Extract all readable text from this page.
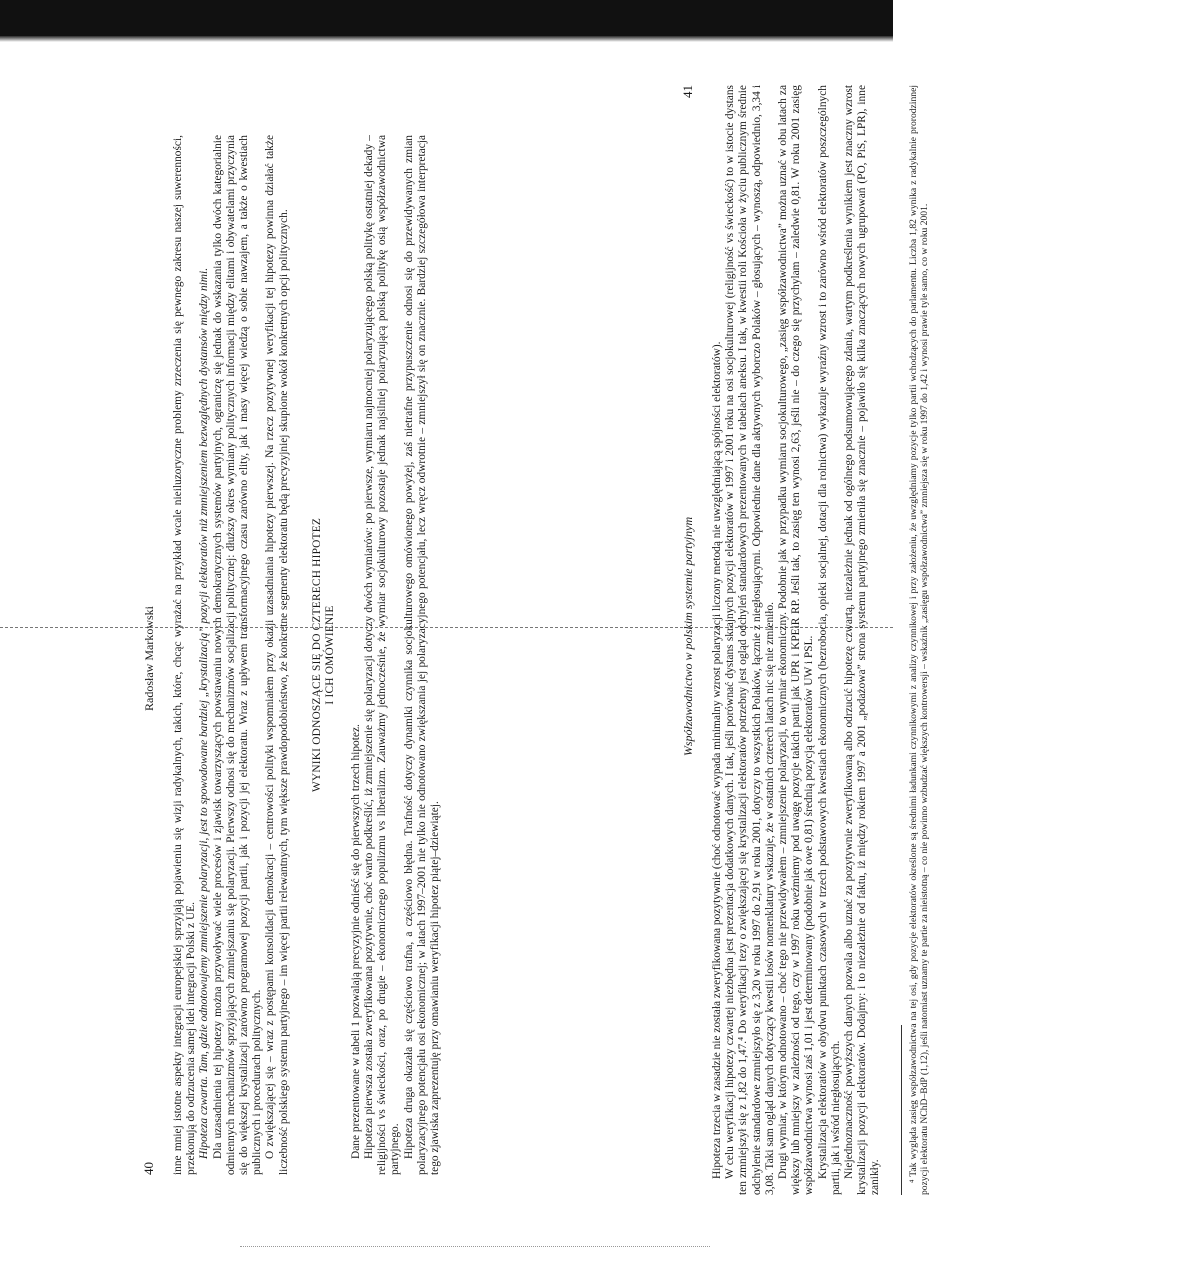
40
Radosław Markowski inne mniej istotne aspekty integracji europejskiej sprzyjają pojawieniu się wizji radykalnych, takich, które, chcąc wyrażać na przykład wcale nieiluzoryczne problemy zrzeczenia się pewnego zakresu naszej suwerenności, przekonują do odrzucenia samej idei integracji Polski z UE. Hipoteza czwarta. Tam, gdzie odnotowujemy zmniejszenie polaryzacji, jest to spowodowane bardziej „krystalizacją” pozycji elektoratów niż zmniejszeniem bezwzględnych dystansów między nimi. Dla uzasadnienia tej hipotezy można przywoływać wiele procesów i zjawisk towarzyszących powstawaniu nowych demokratycznych systemów partyjnych, ograniczę się jednak do wskazania tylko dwóch kategorialnie odmiennych mechanizmów sprzyjających zmniejszaniu się polaryzacji. Pierwszy odnosi się do mechanizmów socjalizacji politycznej: dłuższy okres wymiany politycznych informacji między elitami i obywatelami przyczynia się do większej krystalizacji zarówno programowej pozycji partii, jak i pozycji jej elektoratu. Wraz z upływem transformacyjnego czasu zarówno elity, jak i masy więcej wiedzą o sobie nawzajem, a także o kwestiach publicznych i procedurach politycznych. O zwiększającej się – wraz z postępami konsolidacji demokracji – centrowości polityki wspomniałem przy okazji uzasadniania hipotezy pierwszej. Na rzecz pozytywnej weryfikacji tej hipotezy powinna działać także liczebność polskiego systemu partyjnego – im więcej partii relewantnych, tym większe prawdopodobieństwo, że konkretne segmenty elektoratu będą precyzyjniej skupione wokół konkretnych opcji politycznych. WYNIKI ODNOSZĄCE SIĘ DO CZTERECH HIPOTEZ I ICH OMÓWIENIE

Dane prezentowane w tabeli 1 pozwalają precyzyjnie odnieść się do pierwszych trzech hipotez. Hipoteza pierwsza została zweryfikowana pozytywnie, choć warto podkreślić, iż zmniejszenie się polaryzacji dotyczy dwóch wymiarów: po pierwsze, wymiaru najmocniej polaryzującego polską politykę ostatniej dekady – religijności vs świeckości, oraz, po drugie – ekonomicznego populizmu vs liberalizm. Zauważmy jednocześnie, że wymiar socjokulturowy pozostaje jednak najsilniej polaryzującą polską politykę osią współzawodnictwa partyjnego. Hipoteza druga okazała się częściowo trafna, a częściowo błędna. Trafność dotyczy dynamiki czynnika socjokulturowego omówionego powyżej, zaś nietrafne przypuszczenie odnosi się do przewidywanych zmian polaryzacyjnego potencjału osi ekonomicznej; w latach 1997–2001 nie tylko nie odnotowano zwiększania jej polaryzacyjnego potencjału, lecz wręcz odwrotnie – zmniejszył się on znacznie. Bardziej szczegółowa interpretacja tego zjawiska zaprezentuję przy omawianiu weryfikacji hipotez piątej–dziewiątej.

Współzawodnictwo w polskim systemie partyjnym
41

Hipoteza trzecia w zasadzie nie została zweryfikowana pozytywnie (choć odnotować wypada minimalny wzrost polaryzacji liczony metodą nie uwzględniającą spójności elektoratów). W celu weryfikacji hipotezy czwartej niezbędna jest prezentacja dodatkowych danych. I tak, jeśli porównać dystans skrajnych pozycji elektoratów w 1997 i 2001 roku na osi socjokulturowej (religijność vs świeckość) to w istocie dystans ten zmniejszył się z 1,82 do 1,47.⁴ Do weryfikacji tezy o zwiększającej się krystalizacji elektoratów potrzebny jest ogląd odchyleń standardowych prezentowanych w tabelach aneksu. I tak, w kwestii roli Kościoła w życiu publicznym średnie odchylenie standardowe zmniejszyło się z 3,20 w roku 1997 do 2,91 w roku 2001, dotyczy to wszystkich Polaków, łącznie z niegłosującymi. Odpowiednie dane dla aktywnych wyborczo Polaków – głosujących – wynoszą, odpowiednio, 3,34 i 3,08. Taki sam ogląd danych dotyczący kwestii losów nomenklatury wskazuje, że w ostatnich czterech latach nic się nie zmieniło. Drugi wymiar, w którym odnotowano – choć tego nie przewidywałem – zmniejszenie polaryzacji, to wymiar ekonomiczny. Podobnie jak w przypadku wymiaru socjokulturowego, „zasięg współzawodnictwa” można uznać w obu latach za większy lub mniejszy w zależności od tego, czy w 1997 roku weźmiemy pod uwagę pozycje takich partii jak UPR i KPEiR RP. Jeśli tak, to zasięg ten wynosi 2,63, jeśli nie – do czego się przychylam – zaledwie 0,81. W roku 2001 zasięg współzawodnictwa wynosi zaś 1,01 i jest determinowany (podobnie jak owe 0,81) średnią pozycją elektoratów UW i PSL. Krystalizacja elektoratów w obydwu punktach czasowych w trzech podstawowych kwestiach ekonomicznych (bezrobocia, opieki socjalnej, dotacji dla rolnictwa) wykazuje wyraźny wzrost i to zarówno wśród elektoratów poszczególnych partii, jak i wśród niegłosujących. Niejednoznaczność powyższych danych pozwala albo uznać za pozytywnie zweryfikowaną albo odrzucić hipotezę czwartą, niezależnie jednak od ogólnego podsumowującego zdania, wartym podkreślenia wynikiem jest znaczny wzrost krystalizacji pozycji elektoratów. Dodajmy: i to niezależnie od faktu, iż między rokiem 1997 a 2001 „podażowa” strona systemu partyjnego zmieniła się znacznie – pojawiło się kilka znaczących nowych ugrupowań (PO, PiS, LPR), inne zanikły.	⁴ Tak wygląda zasięg współzawodnictwa na tej osi, gdy pozycje elektoratów określone są średnimi ładunkami czynnikowymi z analizy czynnikowej i przy założeniu, że uwzględniamy pozycje tylko partii wchodzących do parlamentu. Liczba 1,82 wynika z radykalnie prorodzinnej pozycji elektoratu NChD–BdP (1,12), jeśli natomiast uznamy te partie za nieistotną – co nie powinno wzbudzać większych kontrowersji – wskaźnik „zasięgu współzawodnictwa” zmniejsza się w roku 1997 do 1,42 i wynosi prawie tyle samo, co w roku 2001.
